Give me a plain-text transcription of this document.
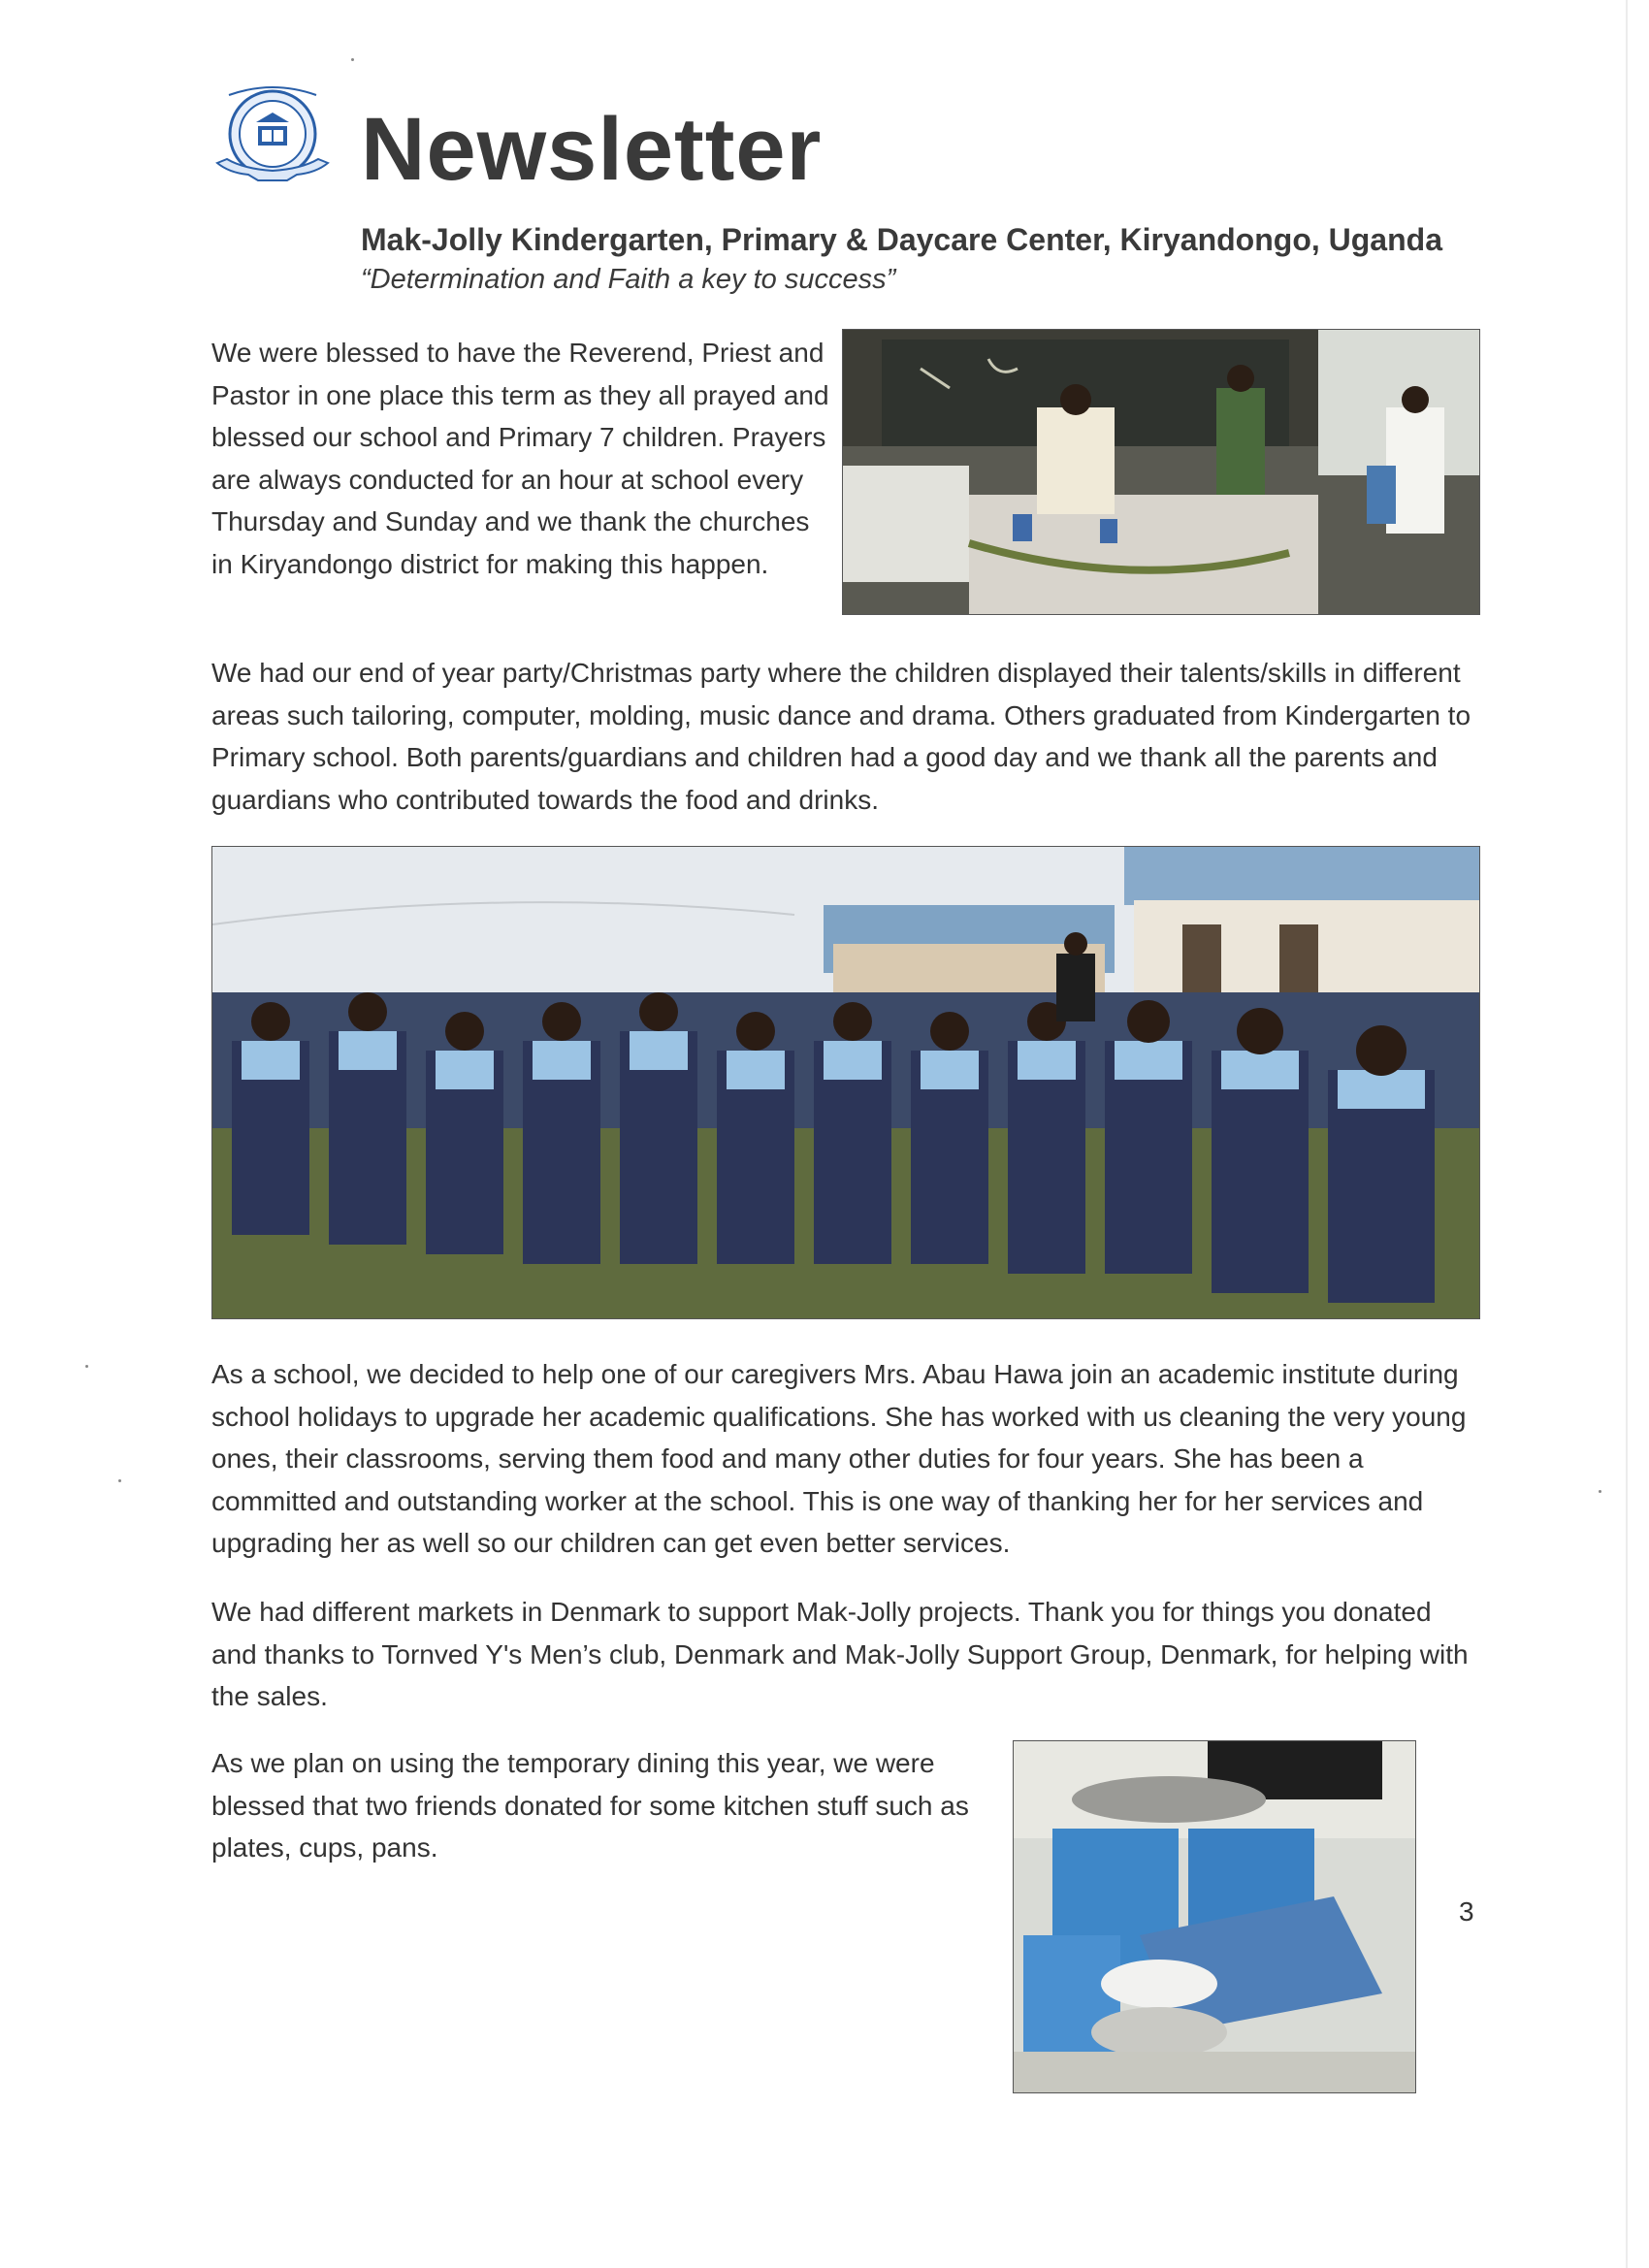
Newsletter
Mak-Jolly Kindergarten, Primary & Daycare Center, Kiryandongo, Uganda
“Determination and Faith a key to success”
We were blessed to have the Reverend, Priest and Pastor in one place this term as they all prayed and blessed our school and Primary 7 children. Prayers are always conducted for an hour at school every Thursday and Sunday and we thank the churches in Kiryandongo district for making this happen.
We had our end of year party/Christmas party where the children displayed their talents/skills in different areas such tailoring, computer, molding, music dance and drama. Others graduated from Kindergarten to Primary school. Both parents/guardians and children had a good day and we thank all the parents and guardians who contributed towards the food and drinks.
As a school, we decided to help one of our caregivers Mrs. Abau Hawa join an academic institute during school holidays to upgrade her academic qualifications. She has worked with us cleaning the very young ones, their classrooms, serving them food and many other duties for four years. She has been a committed and outstanding worker at the school. This is one way of thanking her for her services and upgrading her as well so our children can get even better services.
We had different markets in Denmark to support Mak-Jolly projects. Thank you for things you donated and thanks to Tornved Y's Men’s club, Denmark and Mak-Jolly Support Group, Denmark, for helping with the sales.
As we plan on using the temporary dining this year, we were blessed that two friends donated for some kitchen stuff such as plates, cups, pans.
3
